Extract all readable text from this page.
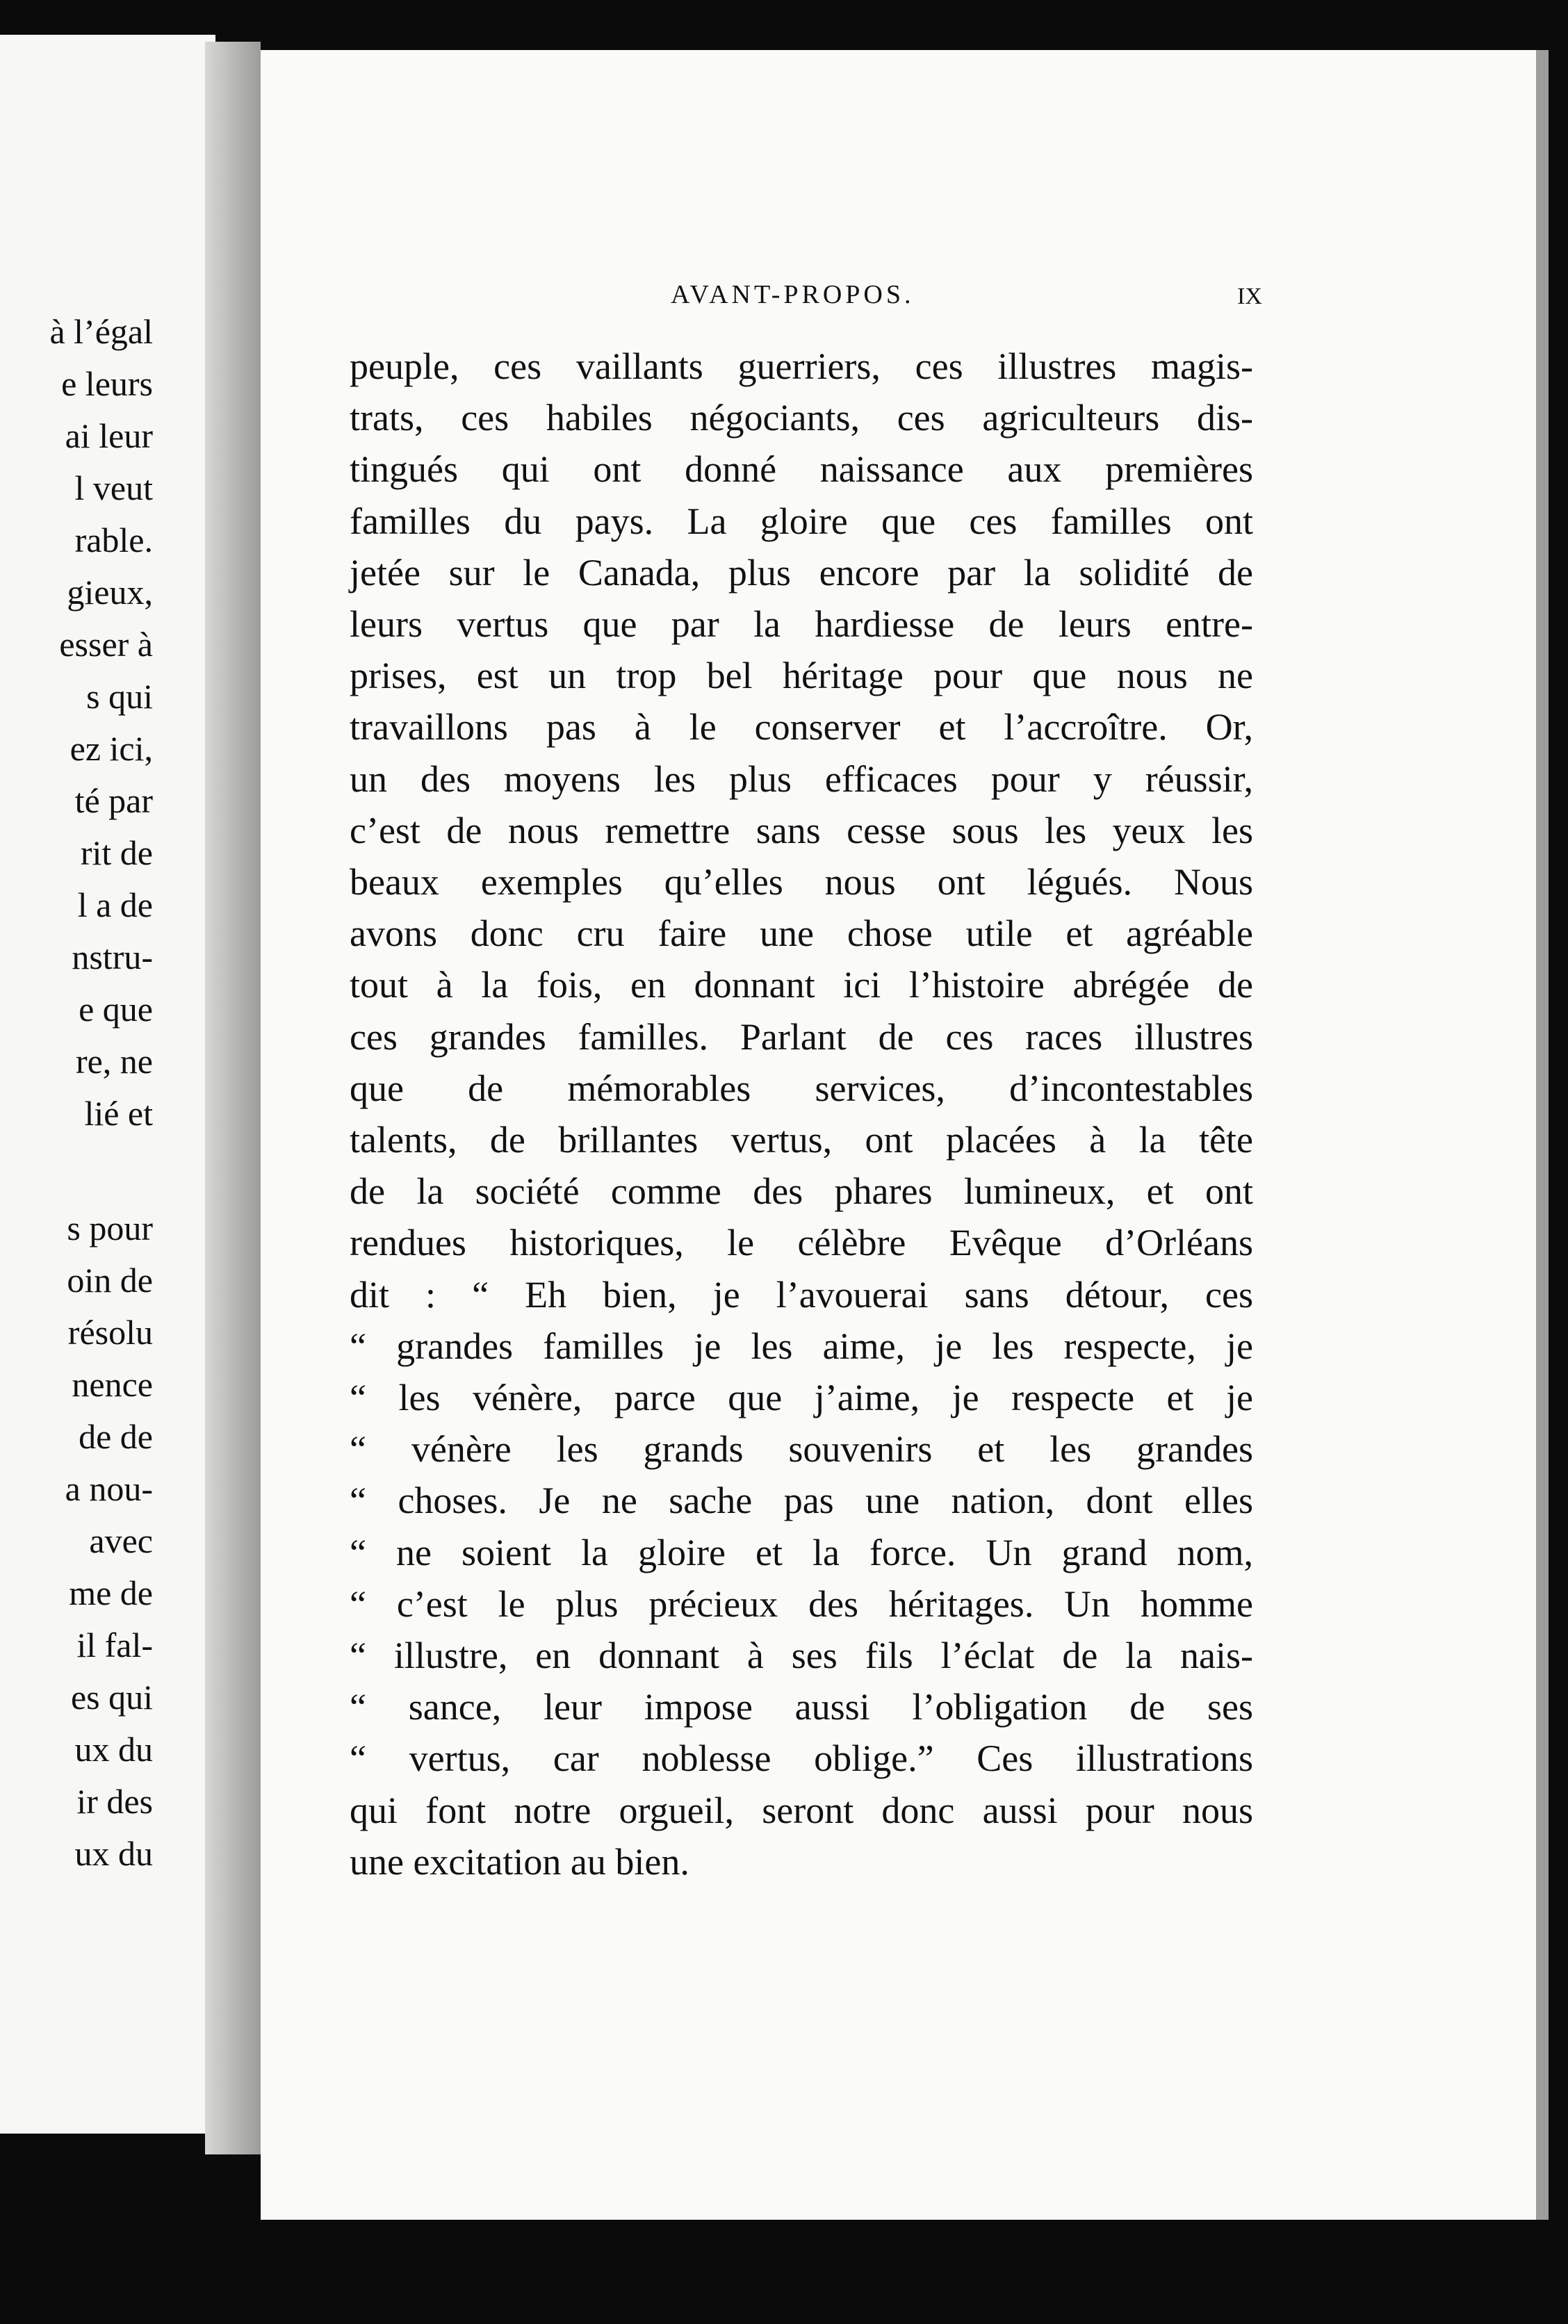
à l’égal
e leurs
ai leur
l veut
rable.
gieux,
esser à
s qui
ez ici,
té par
rit de
l a de
nstru-
e que
re, ne
lié et
s pour
oin de
résolu
nence
de de
a nou-
avec
me de
il fal-
es qui
ux du
ir des
ux du
AVANT-PROPOS.	IX
peuple, ces vaillants guerriers, ces illustres magis-
trats, ces habiles négociants, ces agriculteurs dis-
tingués qui ont donné naissance aux premières
familles du pays. La gloire que ces familles ont
jetée sur le Canada, plus encore par la solidité de
leurs vertus que par la hardiesse de leurs entre-
prises, est un trop bel héritage pour que nous ne
travaillons pas à le conserver et l’accroître. Or,
un des moyens les plus efficaces pour y réussir,
c’est de nous remettre sans cesse sous les yeux les
beaux exemples qu’elles nous ont légués. Nous
avons donc cru faire une chose utile et agréable
tout à la fois, en donnant ici l’histoire abrégée de
ces grandes familles. Parlant de ces races illustres
que de mémorables services, d’incontestables
talents, de brillantes vertus, ont placées à la tête
de la société comme des phares lumineux, et ont
rendues historiques, le célèbre Evêque d’Orléans
dit : “ Eh bien, je l’avouerai sans détour, ces
“ grandes familles je les aime, je les respecte, je
“ les vénère, parce que j’aime, je respecte et je
“ vénère les grands souvenirs et les grandes
“ choses. Je ne sache pas une nation, dont elles
“ ne soient la gloire et la force. Un grand nom,
“ c’est le plus précieux des héritages. Un homme
“ illustre, en donnant à ses fils l’éclat de la nais-
“ sance, leur impose aussi l’obligation de ses
“ vertus, car noblesse oblige.” Ces illustrations
qui font notre orgueil, seront donc aussi pour nous
une excitation au bien.
